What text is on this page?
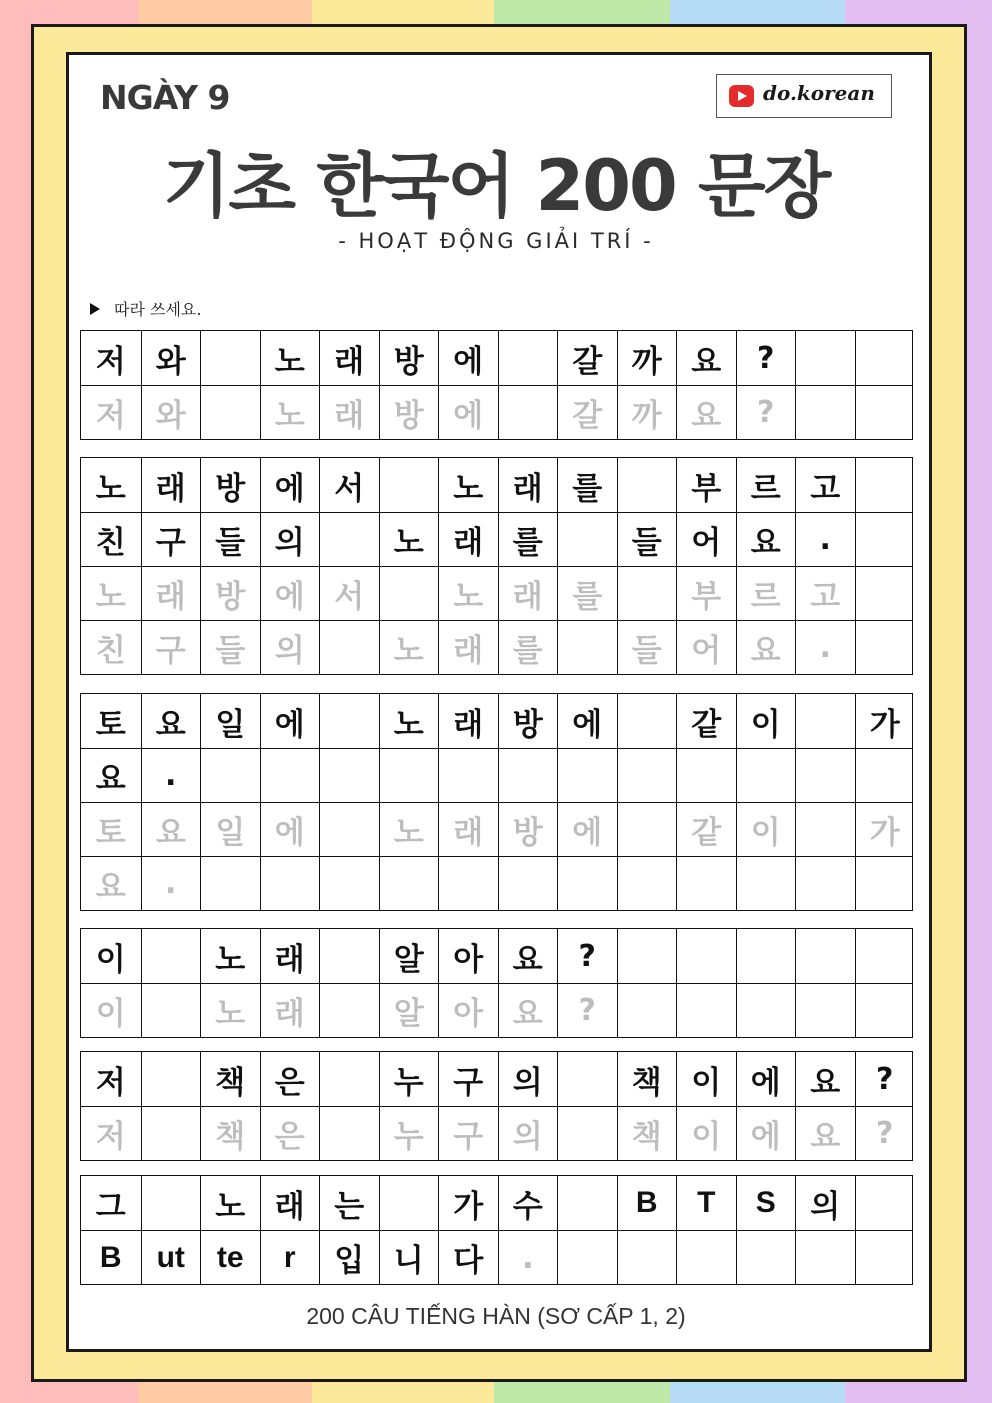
NGÀY 9	do.korean
기초 한국어 200 문장
- HOẠT ĐỘNG GIẢI TRÍ -
따라 쓰세요.
저 와	노 래 방 에	갈 까 요	?
저 와	노 래 방 에	갈 까 요	?
노 래 방 에 서	노 래 를	부 르 고
친 구 들 의	노 래 를	들 어 요	.
노 래 방 에 서	노 래 를	부 르 고
친 구 들 의	노 래 를	들 어 요	.
토 요 일 에	노 래 방 에	같 이	가
요	.
토 요 일 에	노 래 방 에	같 이	가
요	.
이	노 래	알 아 요	?
이	노 래	알 아 요	?
저	책 은	누 구 의	책 이 에 요	?
저	책 은	누 구 의	책 이 에 요	?
그	노 래 는	가 수	B	T	S	의
B	ut	te	r	입 니 다	.
200 CÂU TIẾNG HÀN (SƠ CẤP 1, 2)
